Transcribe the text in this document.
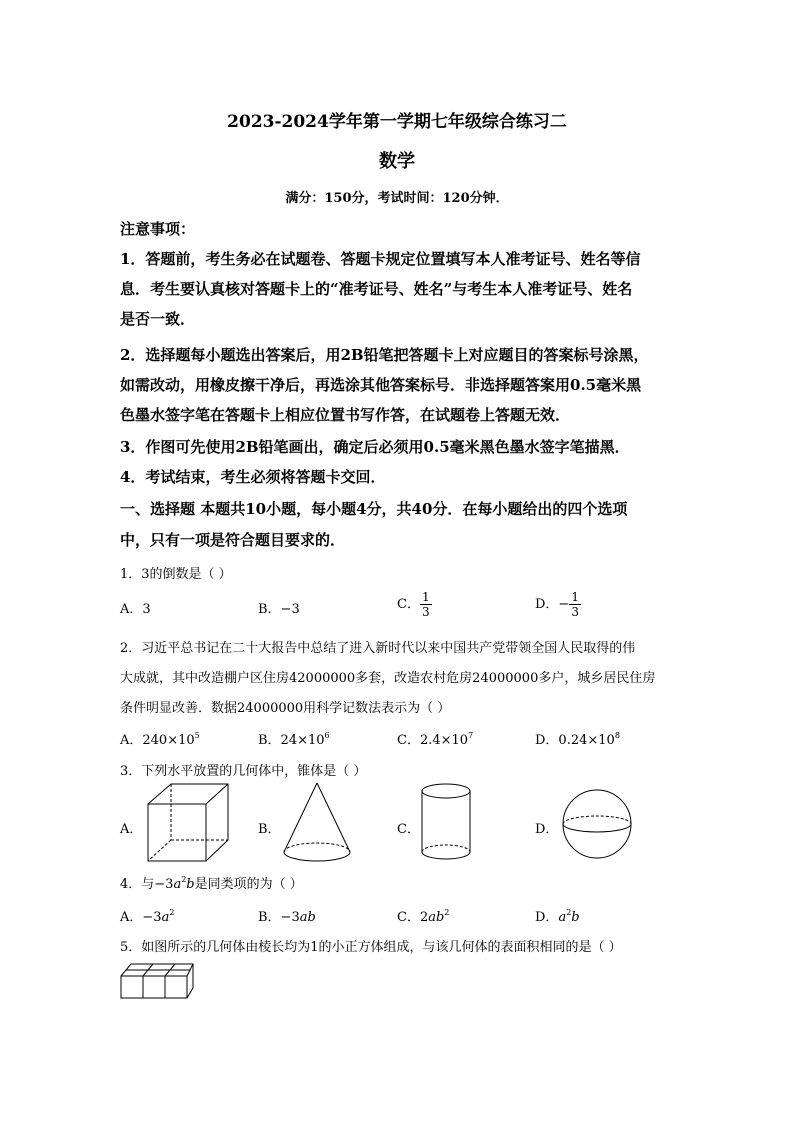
2023-2024学年第一学期七年级综合练习二
数学
满分：150分，考试时间：120分钟．
注意事项：
1．答题前，考生务必在试题卷、答题卡规定位置填写本人准考证号、姓名等信
息．考生要认真核对答题卡上的“准考证号、姓名”与考生本人准考证号、姓名
是否一致．
2．选择题每小题选出答案后，用2B铅笔把答题卡上对应题目的答案标号涂黑，
如需改动，用橡皮擦干净后，再选涂其他答案标号．非选择题答案用0.5毫米黑
色墨水签字笔在答题卡上相应位置书写作答，在试题卷上答题无效．
3．作图可先使用2B铅笔画出，确定后必须用0.5毫米黑色墨水签字笔描黑．
4．考试结束，考生必须将答题卡交回．
一、选择题 本题共10小题，每小题4分，共40分．在每小题给出的四个选项
中，只有一项是符合题目要求的．
1．3的倒数是（ ）
A．3	B．−3	C． $\frac{1}{3}$	D．− $\frac{1}{3}$
2．习近平总书记在二十大报告中总结了进入新时代以来中国共产党带领全国人民取得的伟
大成就，其中改造棚户区住房42000000多套，改造农村危房24000000多户，城乡居民住房
条件明显改善．数据24000000用科学记数法表示为（ ）
A．$240\times 10^5$	B．$24\times 10^6$	C．$2.4\times 10^7$	D．$0.24\times 10^8$
3．下列水平放置的几何体中，锥体是（ ）
A．	B．	C．	D．
4．与$-3a^2b$是同类项的为（ ）
A．$-3a^2$	B．−3ab	C．$2ab^2$	D．$a^2b$
5．如图所示的几何体由棱长均为1的小正方体组成，与该几何体的表面积相同的是（ ）
